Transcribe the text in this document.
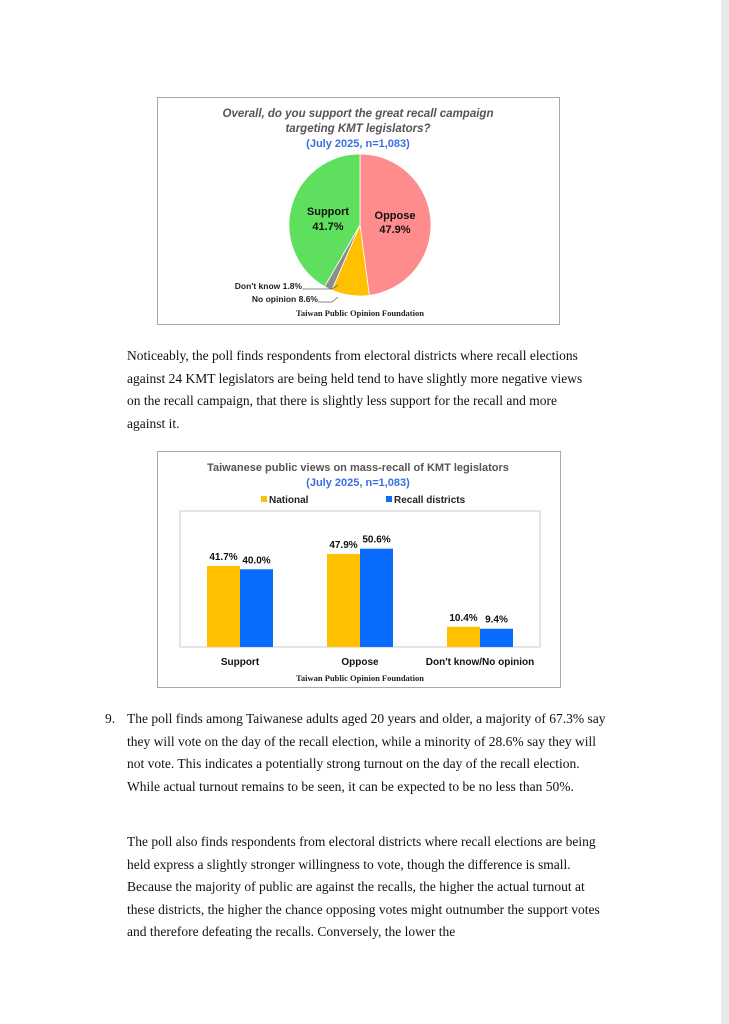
Overall, do you support the great recall campaign
targeting KMT legislators?
(July 2025, n=1,083)
Support
41.7%
Oppose
47.9%
Don't know 1.8%
No opinion 8.6%
Taiwan Public Opinion Foundation

Noticeably, the poll finds respondents from electoral districts where recall elections against 24 KMT legislators are being held tend to have slightly more negative views on the recall campaign, that there is slightly less support for the recall and more against it.

Taiwanese public views on mass-recall of KMT legislators
(July 2025, n=1,083)
National	Recall districts
41.7% 40.0%
47.9% 50.6%
10.4% 9.4%
Support	Oppose	Don't know/No opinion
Taiwan Public Opinion Foundation
9. The poll finds among Taiwanese adults aged 20 years and older, a majority of 67.3% say they will vote on the day of the recall election, while a minority of 28.6% say they will not vote. This indicates a potentially strong turnout on the day of the recall election. While actual turnout remains to be seen, it can be expected to be no less than 50%.

The poll also finds respondents from electoral districts where recall elections are being held express a slightly stronger willingness to vote, though the difference is small. Because the majority of public are against the recalls, the higher the actual turnout at these districts, the higher the chance opposing votes might outnumber the support votes and therefore defeating the recalls. Conversely, the lower the
